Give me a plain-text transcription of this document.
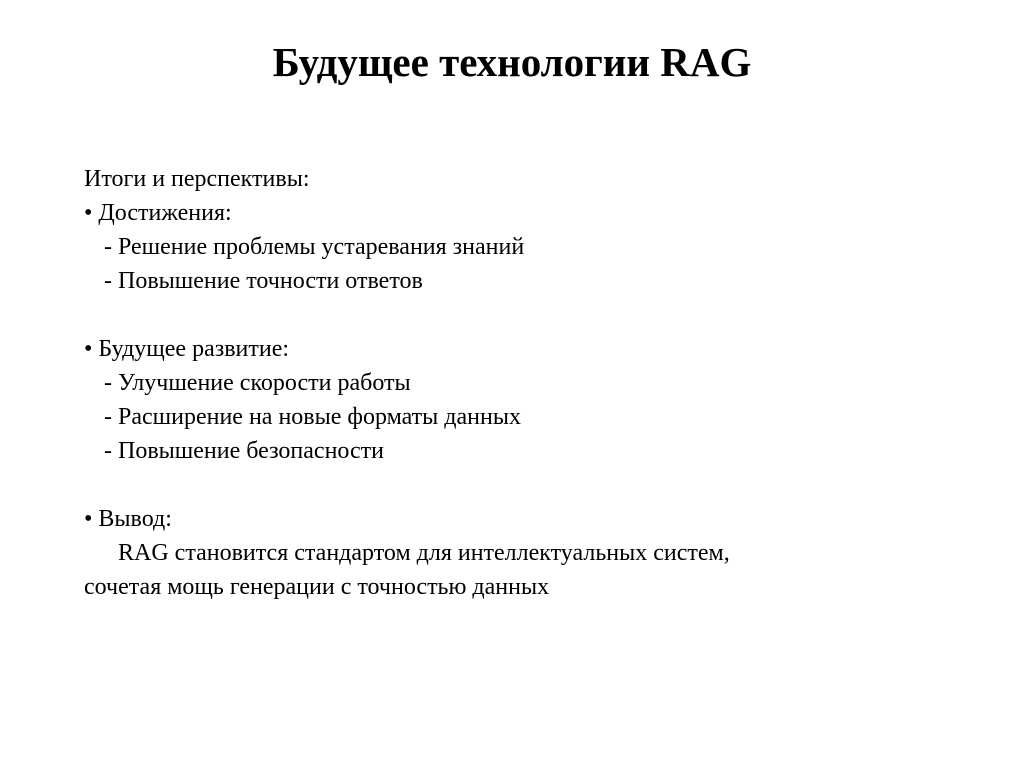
Будущее технологии RAG
Итоги и перспективы:
• Достижения:
- Решение проблемы устаревания знаний
- Повышение точности ответов
• Будущее развитие:
- Улучшение скорости работы
- Расширение на новые форматы данных
- Повышение безопасности
• Вывод:
RAG становится стандартом для интеллектуальных систем,
сочетая мощь генерации с точностью данных
